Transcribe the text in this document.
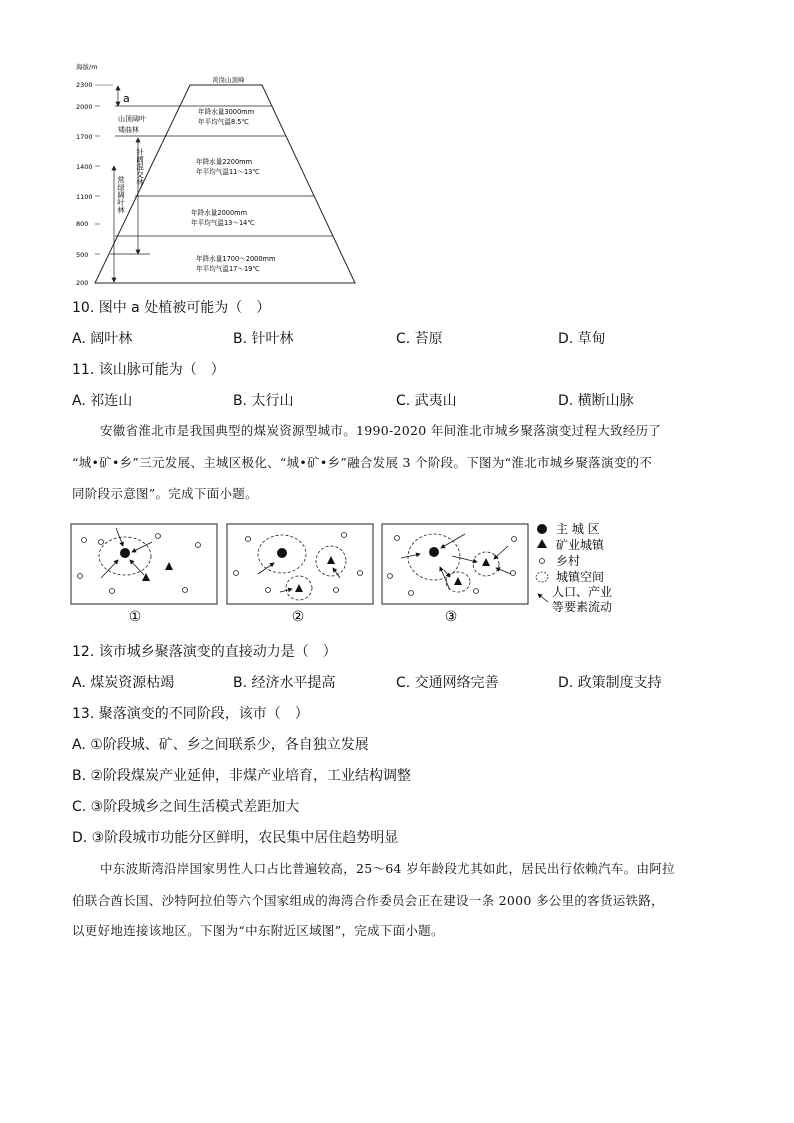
海拔/m
2300
2000
1700
1400
1100
800
500
200
黄岗山顶峰
a
山顶阔叶 矮曲林
针阔混交林
常绿阔叶林
年降水量3000mm
年平均气温8.5℃
年降水量2200mm
年平均气温11～13℃
年降水量2000mm
年平均气温13～14℃
年降水量1700～2000mm
年平均气温17～19℃
10. 图中 a 处植被可能为（　）
A. 阔叶林	B. 针叶林	C. 苔原	D. 草甸
11. 该山脉可能为（　）
A. 祁连山	B. 太行山	C. 武夷山	D. 横断山脉
安徽省淮北市是我国典型的煤炭资源型城市。1990-2020 年间淮北市城乡聚落演变过程大致经历了
“城•矿•乡”三元发展、主城区极化、“城•矿•乡”融合发展 3 个阶段。下图为“淮北市城乡聚落演变的不
同阶段示意图”。完成下面小题。
①	②	③
主 城 区
矿业城镇
乡村
城镇空间
人口、产业
等要素流动
12. 该市城乡聚落演变的直接动力是（　）
A. 煤炭资源枯竭	B. 经济水平提高	C. 交通网络完善	D. 政策制度支持
13. 聚落演变的不同阶段，该市（　）
A. ①阶段城、矿、乡之间联系少，各自独立发展
B. ②阶段煤炭产业延伸，非煤产业培育，工业结构调整
C. ③阶段城乡之间生活模式差距加大
D. ③阶段城市功能分区鲜明，农民集中居住趋势明显
中东波斯湾沿岸国家男性人口占比普遍较高，25～64 岁年龄段尤其如此，居民出行依赖汽车。由阿拉
伯联合酋长国、沙特阿拉伯等六个国家组成的海湾合作委员会正在建设一条 2000 多公里的客货运铁路，
以更好地连接该地区。下图为“中东附近区域图”，完成下面小题。
